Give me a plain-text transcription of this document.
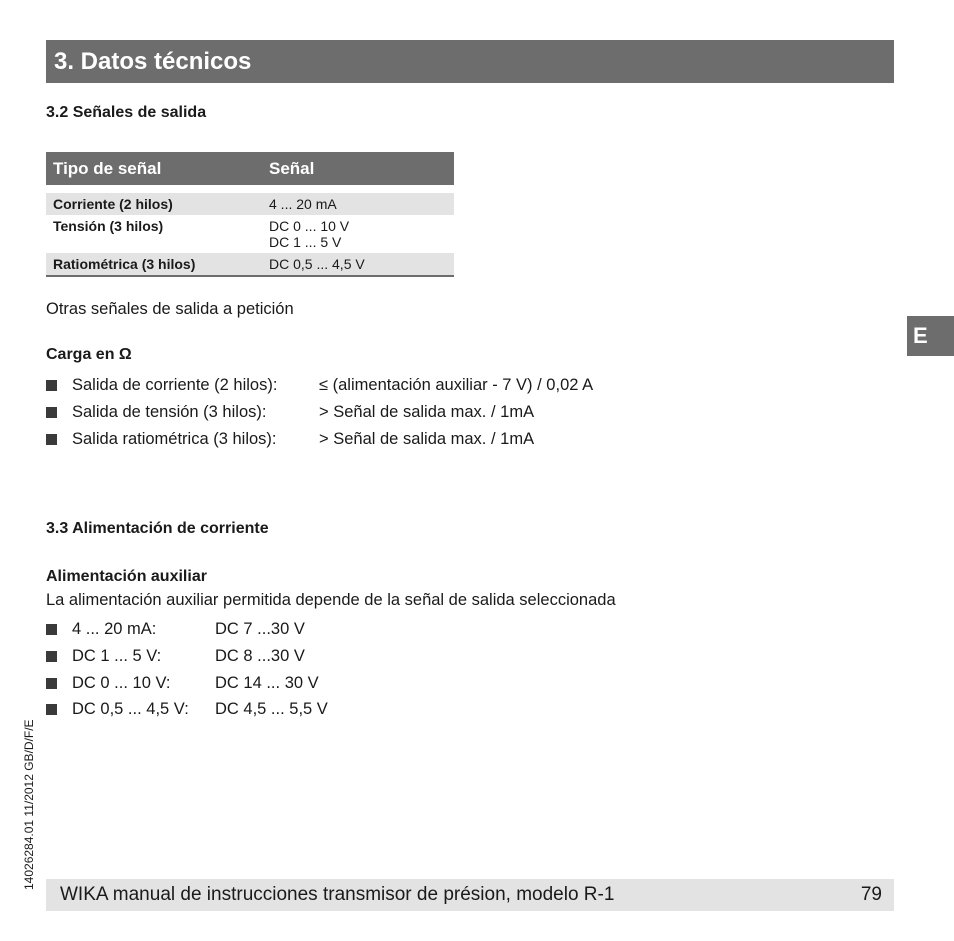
3. Datos técnicos
3.2 Señales de salida
Tipo de señal	Señal

Corriente (2 hilos)	4 ... 20 mA
Tensión (3 hilos)	DC 0 ... 10 V
DC 1 ... 5 V

Ratiométrica (3 hilos)	DC 0,5 ... 4,5 V
Otras señales de salida a petición
Carga en Ω
Salida de corriente (2 hilos):	≤ (alimentación auxiliar - 7 V) / 0,02 A
Salida de tensión (3 hilos):	> Señal de salida max. / 1mA
Salida ratiométrica (3 hilos):	> Señal de salida max. / 1mA
3.3 Alimentación de corriente
Alimentación auxiliar
La alimentación auxiliar permitida depende de la señal de salida seleccionada
4 ... 20 mA:	DC 7 ...30 V
DC 1 ... 5 V:	DC 8 ...30 V
DC 0 ... 10 V:	DC 14 ... 30 V
DC 0,5 ... 4,5 V:	DC 4,5 ... 5,5 V
E
14026284.01 11/2012 GB/D/F/E
WIKA manual de instrucciones transmisor de présion, modelo R-1	79
